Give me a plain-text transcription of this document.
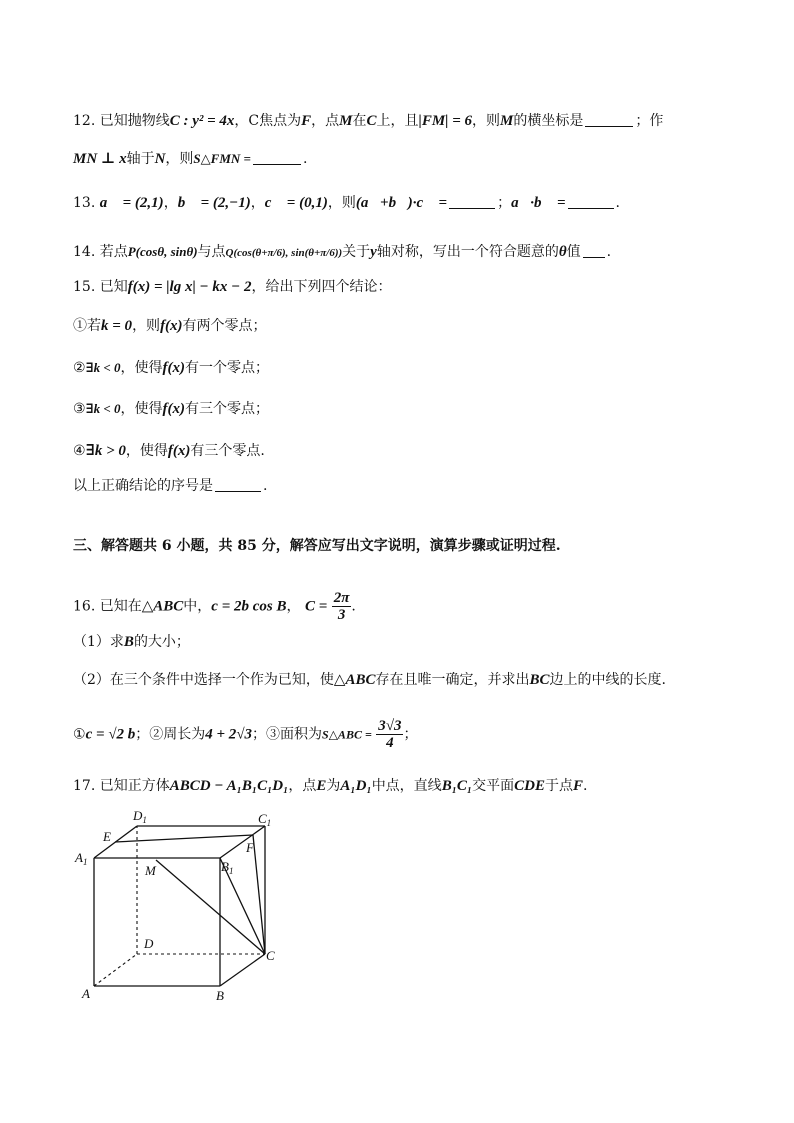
12. 已知抛物线C : y² = 4x，C焦点为F，点M在C上，且|FM| = 6，则M的横坐标是	；作
MN ⊥ x轴于N，则S△FMN =	.
13. a⃗ = (2,1)，b⃗ = (2,−1)，c⃗ = (0,1)，则(a⃗+b⃗)·c⃗ =	；a⃗·b⃗ =	.
14. 若点P(cosθ, sinθ)与点Q(cos(θ+π/6), sin(θ+π/6))关于y轴对称，写出一个符合题意的θ值 .
15. 已知f(x) = |lg x| − kx − 2，给出下列四个结论：
①若k = 0，则f(x)有两个零点；
②∃k < 0，使得f(x)有一个零点；
③∃k < 0，使得f(x)有三个零点；
④∃k > 0，使得f(x)有三个零点.
以上正确结论的序号是	.
三、解答题共 6 小题，共 85 分，解答应写出文字说明，演算步骤或证明过程.
16. 已知在△ABC中，c = 2b cos B， $C = \frac{2\pi}{3}$ .
（1）求B的大小；
（2）在三个条件中选择一个作为已知，使△ABC存在且唯一确定，并求出BC边上的中线的长度.
①c = √2 b；②周长为4 + 2√3；③面积为S△ABC = $\frac{3√3}{4}$ ；
17. 已知正方体ABCD − A₁B₁C₁D₁，点E为A₁D₁中点，直线B₁C₁交平面CDE于点F.
A	B
C
D
$A_1$	$B_1$
$C_1$
$D_1$
E
F
M
